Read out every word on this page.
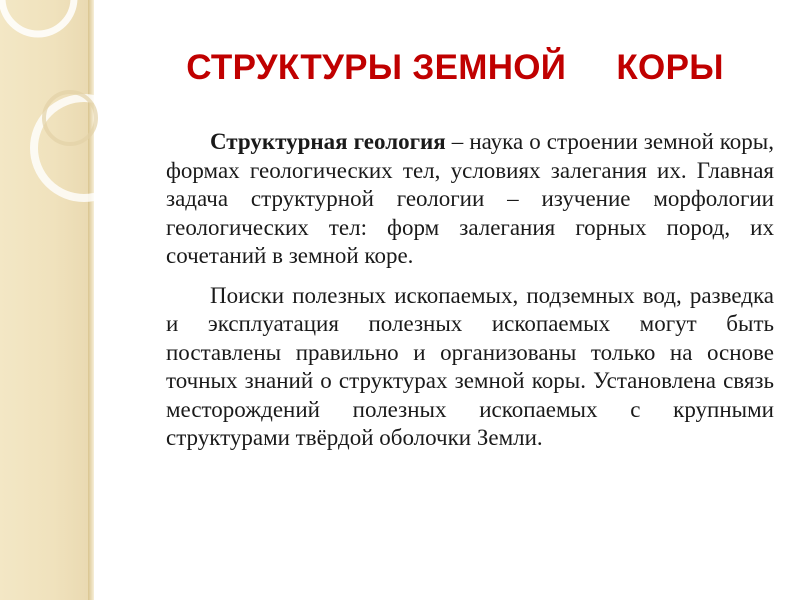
СТРУКТУРЫ ЗЕМНОЙ     КОРЫ

Структурная геология – наука о строении земной коры, формах геологических тел, условиях залегания их. Главная задача структурной геологии – изучение морфологии геологических тел: форм залегания горных пород, их сочетаний в земной коре.

Поиски полезных ископаемых, подземных вод, разведка и эксплуатация полезных ископаемых могут быть поставлены правильно и организованы только на основе точных знаний о структурах земной коры. Установлена связь месторождений полезных ископаемых с крупными структурами твёрдой оболочки Земли.
